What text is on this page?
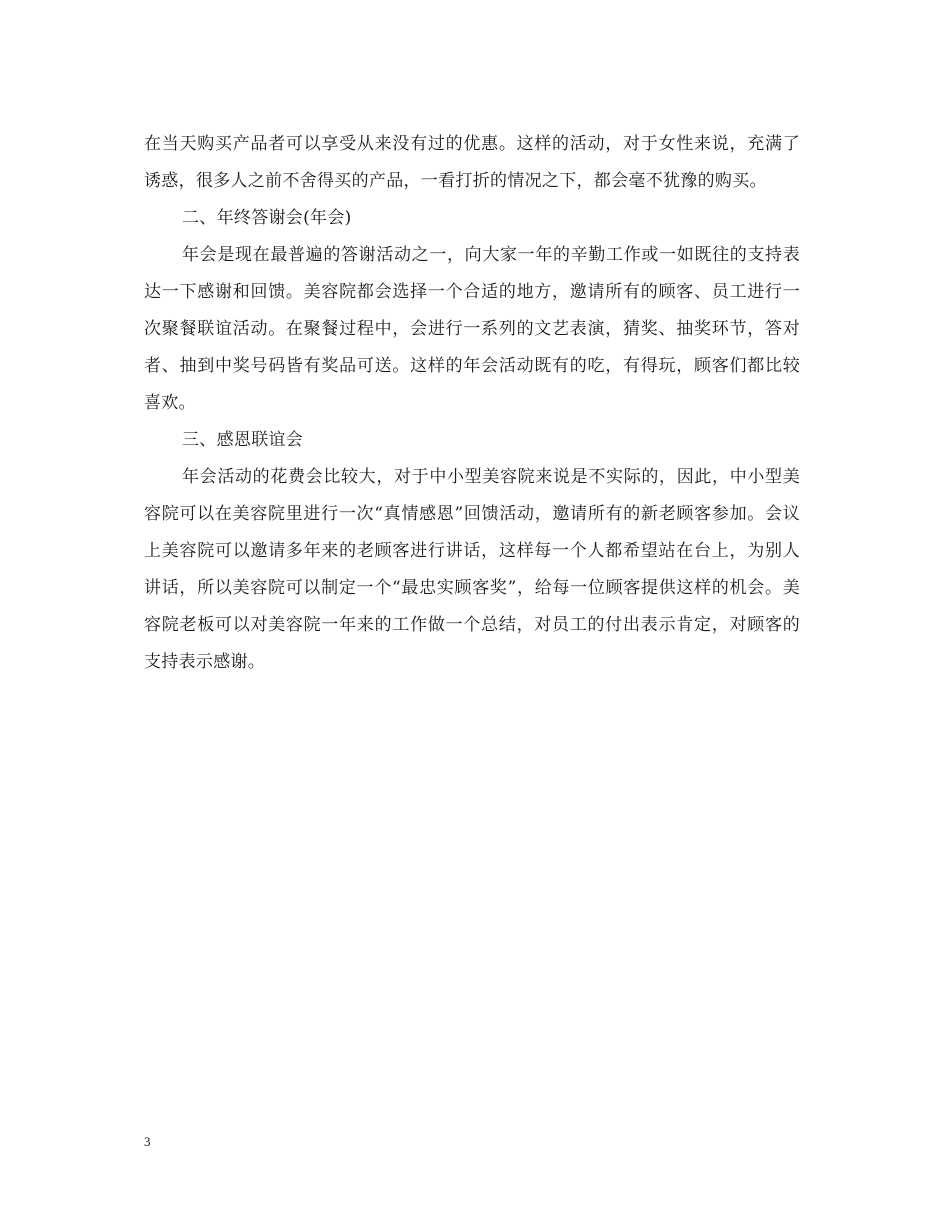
在当天购买产品者可以享受从来没有过的优惠。这样的活动，对于女性来说，充满了诱惑，很多人之前不舍得买的产品，一看打折的情况之下，都会毫不犹豫的购买。

二、年终答谢会(年会)

年会是现在最普遍的答谢活动之一，向大家一年的辛勤工作或一如既往的支持表达一下感谢和回馈。美容院都会选择一个合适的地方，邀请所有的顾客、员工进行一次聚餐联谊活动。在聚餐过程中，会进行一系列的文艺表演，猜奖、抽奖环节，答对者、抽到中奖号码皆有奖品可送。这样的年会活动既有的吃，有得玩，顾客们都比较喜欢。

三、感恩联谊会

年会活动的花费会比较大，对于中小型美容院来说是不实际的，因此，中小型美容院可以在美容院里进行一次“真情感恩”回馈活动，邀请所有的新老顾客参加。会议上美容院可以邀请多年来的老顾客进行讲话，这样每一个人都希望站在台上，为别人讲话，所以美容院可以制定一个“最忠实顾客奖”，给每一位顾客提供这样的机会。美容院老板可以对美容院一年来的工作做一个总结，对员工的付出表示肯定，对顾客的支持表示感谢。

3
